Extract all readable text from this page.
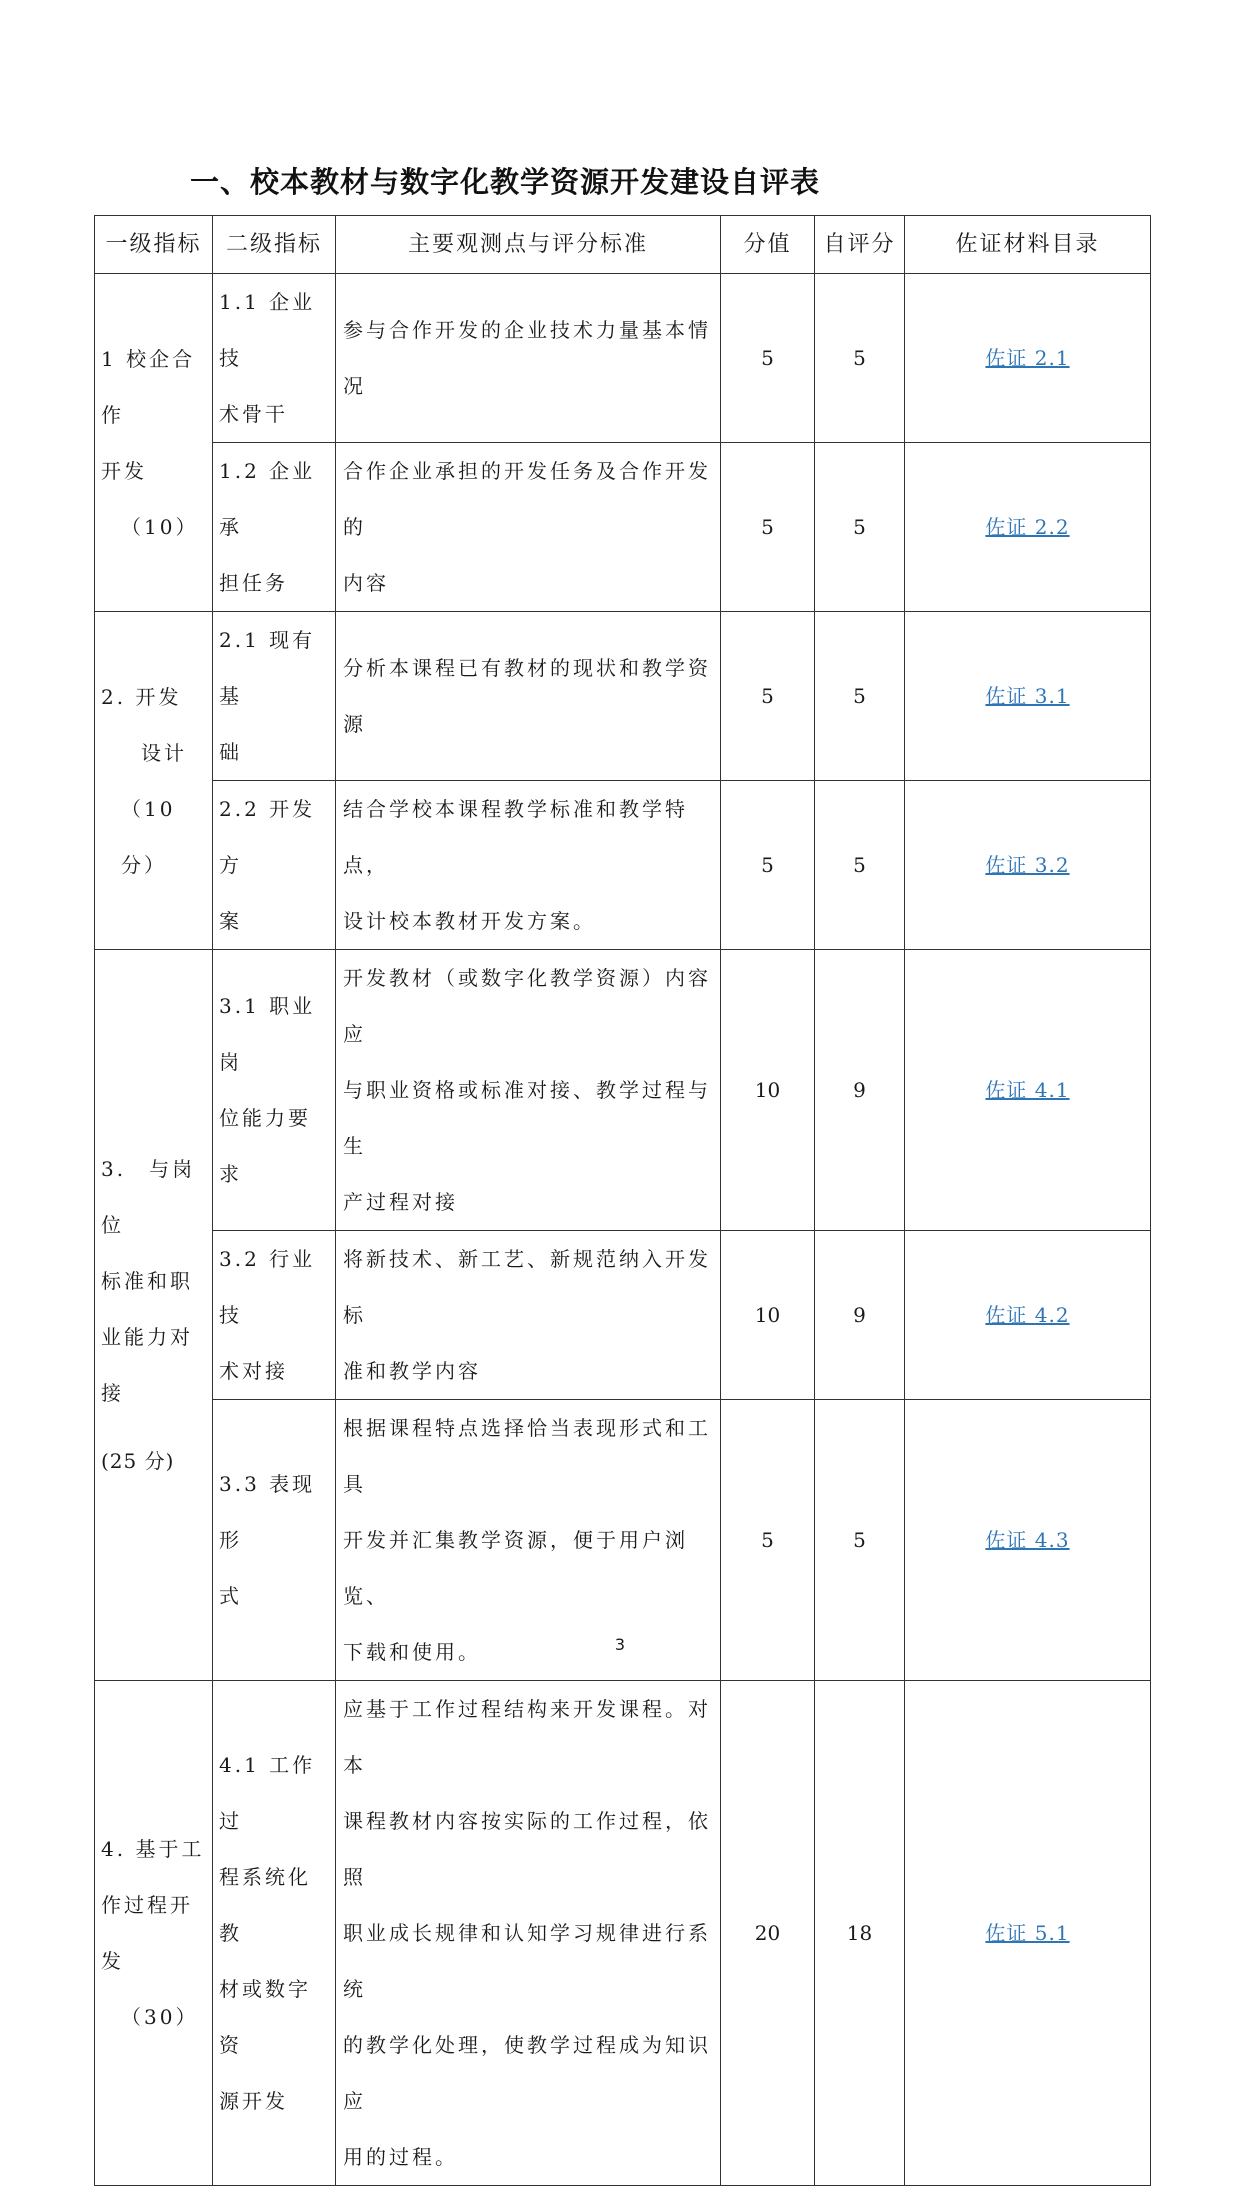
一、校本教材与数字化教学资源开发建设自评表
一级指标	二级指标	主要观测点与评分标准	分值	自评分	佐证材料目录

1 校企合作
开发
（10）	1.1 企业技
术骨干	参与合作开发的企业技术力量基本情况	5	5	佐证 2.1

	1.2 企业承
担任务	合作企业承担的开发任务及合作开发的
内容	5	5	佐证 2.2

2. 开发
设计
（10 分）	2.1 现有基
础	分析本课程已有教材的现状和教学资源	5	5	佐证 3.1

	2.2 开发方
案	结合学校本课程教学标准和教学特点，
设计校本教材开发方案。	5	5	佐证 3.2

3.　与岗位
标准和职
业能力对
接
(25 分)	3.1 职业岗
位能力要求	开发教材（或数字化教学资源）内容应
与职业资格或标准对接、教学过程与生
产过程对接	10	9	佐证 4.1

	3.2 行业技
术对接	将新技术、新工艺、新规范纳入开发标
准和教学内容	10	9	佐证 4.2

	3.3 表现形
式	根据课程特点选择恰当表现形式和工具
开发并汇集教学资源，便于用户浏览、
下载和使用。	5	5	佐证 4.3

4. 基于工
作过程开
发
（30）	4.1 工作过
程系统化教
材或数字资
源开发	应基于工作过程结构来开发课程。对本
课程教材内容按实际的工作过程，依照
职业成长规律和认知学习规律进行系统
的教学化处理，使教学过程成为知识应
用的过程。	20	18	佐证 5.1
3
